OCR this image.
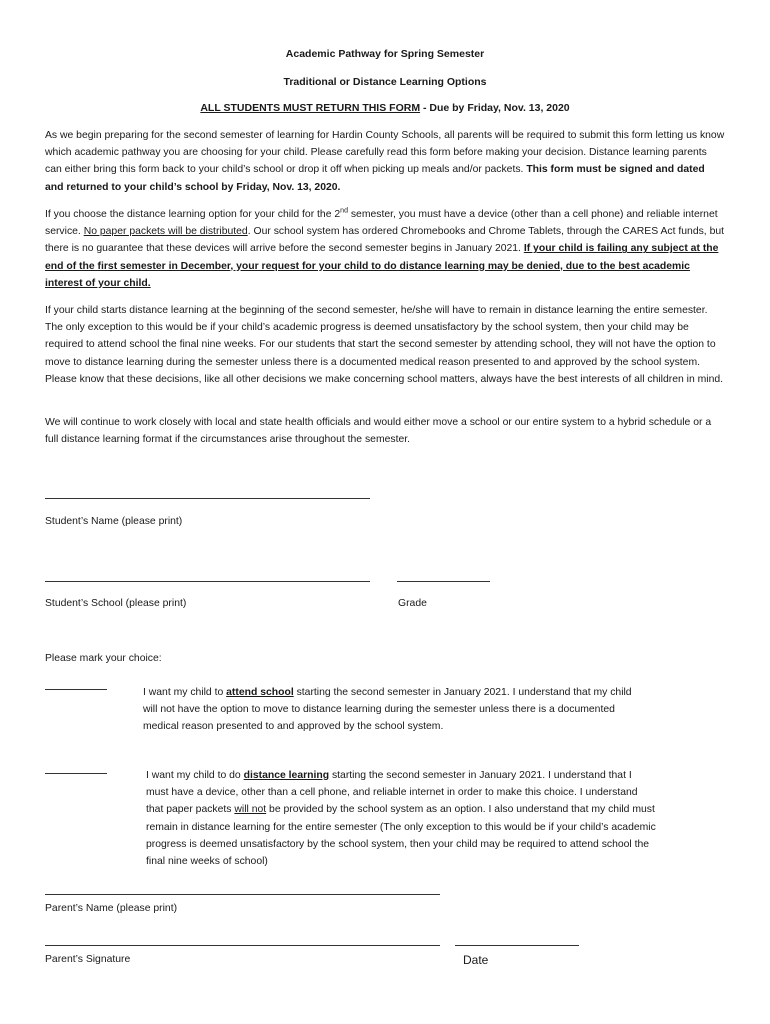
Academic Pathway for Spring Semester
Traditional or Distance Learning Options
ALL STUDENTS MUST RETURN THIS FORM - Due by Friday, Nov. 13, 2020

As we begin preparing for the second semester of learning for Hardin County Schools, all parents will be required to submit this form letting us know which academic pathway you are choosing for your child. Please carefully read this form before making your decision. Distance learning parents can either bring this form back to your child’s school or drop it off when picking up meals and/or packets. This form must be signed and dated and returned to your child’s school by Friday, Nov. 13, 2020.

If you choose the distance learning option for your child for the 2nd semester, you must have a device (other than a cell phone) and reliable internet service. No paper packets will be distributed. Our school system has ordered Chromebooks and Chrome Tablets, through the CARES Act funds, but there is no guarantee that these devices will arrive before the second semester begins in January 2021. If your child is failing any subject at the end of the first semester in December, your request for your child to do distance learning may be denied, due to the best academic interest of your child.

If your child starts distance learning at the beginning of the second semester, he/she will have to remain in distance learning the entire semester. The only exception to this would be if your child’s academic progress is deemed unsatisfactory by the school system, then your child may be required to attend school the final nine weeks. For our students that start the second semester by attending school, they will not have the option to move to distance learning during the semester unless there is a documented medical reason presented to and approved by the school system. Please know that these decisions, like all other decisions we make concerning school matters, always have the best interests of all children in mind.

We will continue to work closely with local and state health officials and would either move a school or our entire system to a hybrid schedule or a full distance learning format if the circumstances arise throughout the semester.

Student’s Name (please print)
Student’s School (please print)	Grade
Please mark your choice:

I want my child to attend school starting the second semester in January 2021. I understand that my child will not have the option to move to distance learning during the semester unless there is a documented medical reason presented to and approved by the school system.

I want my child to do distance learning starting the second semester in January 2021. I understand that I must have a device, other than a cell phone, and reliable internet in order to make this choice. I understand that paper packets will not be provided by the school system as an option. I also understand that my child must remain in distance learning for the entire semester (The only exception to this would be if your child’s academic progress is deemed unsatisfactory by the school system, then your child may be required to attend school the final nine weeks of school)

Parent’s Name (please print)
Parent’s Signature	Date
